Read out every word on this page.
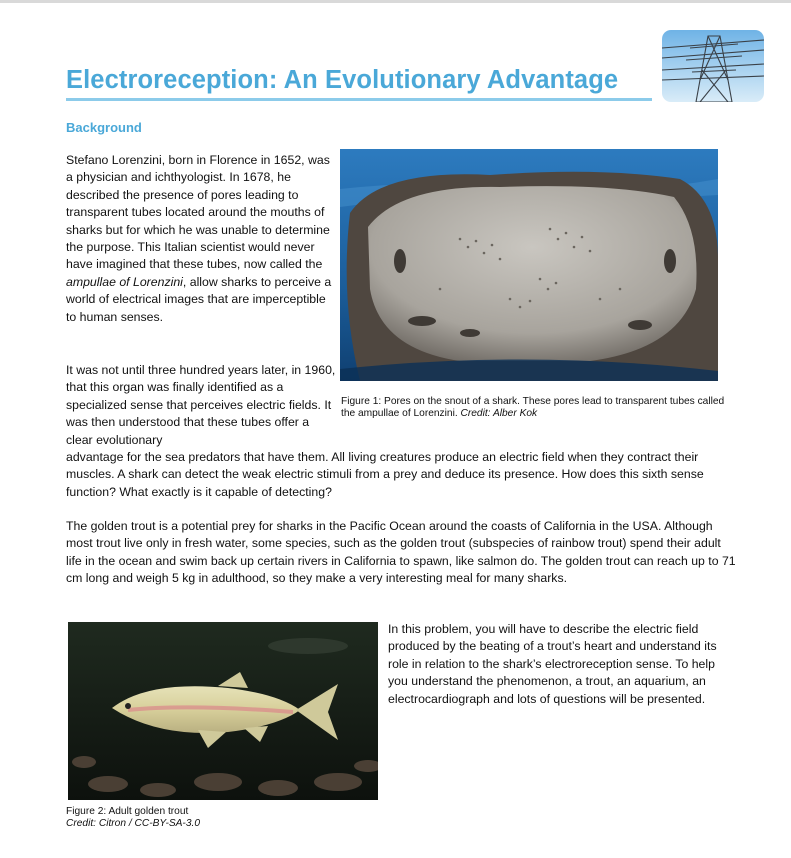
Electroreception: An Evolutionary Advantage
Background

Stefano Lorenzini, born in Florence in 1652, was a physician and ichthyologist. In 1678, he described the presence of pores leading to transparent tubes located around the mouths of sharks but for which he was unable to determine the purpose. This Italian scientist would never have imagined that these tubes, now called the ampullae of Lorenzini, allow sharks to perceive a world of electrical images that are imperceptible to human senses.

Figure 1: Pores on the snout of a shark. These pores lead to transparent tubes called the ampullae of Lorenzini. Credit: Alber Kok

It was not until three hundred years later, in 1960, that this organ was finally identified as a specialized sense that perceives electric fields. It was then understood that these tubes offer a clear evolutionary

advantage for the sea predators that have them. All living creatures produce an electric field when they contract their muscles. A shark can detect the weak electric stimuli from a prey and deduce its presence. How does this sixth sense function? What exactly is it capable of detecting?

The golden trout is a potential prey for sharks in the Pacific Ocean around the coasts of California in the USA. Although most trout live only in fresh water, some species, such as the golden trout (subspecies of rainbow trout) spend their adult life in the ocean and swim back up certain rivers in California to spawn, like salmon do. The golden trout can reach up to 71 cm long and weigh 5 kg in adulthood, so they make a very interesting meal for many sharks.

Figure 2: Adult golden trout
Credit: Citron / CC-BY-SA-3.0

In this problem, you will have to describe the electric field produced by the beating of a trout’s heart and understand its role in relation to the shark’s electroreception sense. To help you understand the phenomenon, a trout, an aquarium, an electrocardiograph and lots of questions will be presented.
